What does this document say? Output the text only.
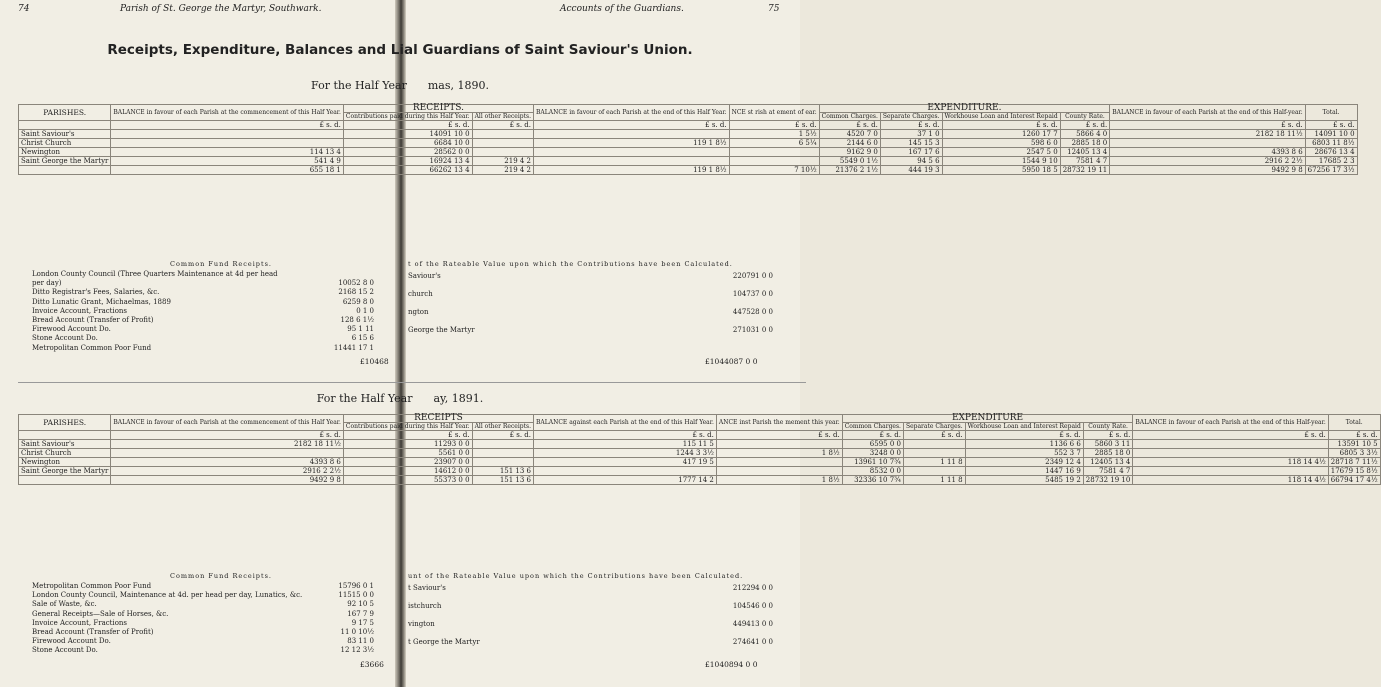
74	Parish of St. George the Martyr, Southwark.	Accounts of the Guardians.	75
Receipts, Expenditure, Balances and Lial Guardians of Saint Saviour's Union.
For the Half Year mas, 1890.
PARISHES.	BALANCE in favour of each Parish at the commencement of this Half Year.	RECEIPTS.		BALANCE in favour of each Parish at the end of this Half Year.	NCE st rish at ement of ear.	EXPENDITURE.				BALANCE in favour of each Parish at the end of this Half-year.	Total.
		Contributions paid during this Half Year.	All other Receipts.			Common Charges.	Separate Charges.	Workhouse Loan and Interest Repaid	County Rate.		
	£ s. d.	£ s. d.	£ s. d.	£ s. d.	£ s. d.	£ s. d.	£ s. d.	£ s. d.	£ s. d.	£ s. d.	£ s. d.
Saint Saviour's		14091 10 0			1 5½	4520 7 0	37 1 0	1260 17 7	5866 4 0	2182 18 11½	14091 10 0
Christ Church		6684 10 0		119 1 8½	6 5¼	2144 6 0	145 15 3	598 6 0	2885 18 0		6803 11 8½
Newington	114 13 4	28562 0 0				9162 9 0	167 17 6	2547 5 0	12405 13 4	4393 8 6	28676 13 4
Saint George the Martyr	541 4 9	16924 13 4	219 4 2			5549 0 1½	94 5 6	1544 9 10	7581 4 7	2916 2 2½	17685 2 3
	655 18 1	66262 13 4	219 4 2	119 1 8½	7 10½	21376 2 1½	444 19 3	5950 18 5	28732 19 11	9492 9 8	67256 17 3½
Common Fund Receipts.
London County Council (Three Quarters Maintenance at 4d per head
per day)	10052 8 0
Ditto Registrar's Fees, Salaries, &c.	2168 15 2
Ditto Lunatic Grant, Michaelmas, 1889	6259 8 0
Invoice Account, Fractions	0 1 0
Bread Account (Transfer of Profit)	128 6 1½
Firewood Account Do.	95 1 11
Stone Account Do.	6 15 6
Metropolitan Common Poor Fund	11441 17 1
£10468
t of the Rateable Value upon which the Contributions have been Calculated.
Saviour's	220791 0 0
church	104737 0 0
ngton	447528 0 0
George the Martyr	271031 0 0
£1044087 0 0
For the Half Year ay, 1891.
PARISHES.	BALANCE in favour of each Parish at the commencement of this Half Year.	RECEIPTS		BALANCE against each Parish at the end of this Half Year.	ANCE inst Parish the mement this year.	EXPENDITURE				BALANCE in favour of each Parish at the end of this Half-year.	Total.
		Contributions paid during this Half Year.	All other Receipts.			Common Charges.	Separate Charges.	Workhouse Loan and Interest Repaid	County Rate.		
	£ s. d.	£ s. d.	£ s. d.	£ s. d.	£ s. d.	£ s. d.	£ s. d.	£ s. d.	£ s. d.	£ s. d.	£ s. d.
Saint Saviour's	2182 18 11½	11293 0 0		115 11 5		6595 0 0		1136 6 6	5860 3 11		13591 10 5
Christ Church		5561 0 0		1244 3 3½	1 8½	3248 0 0		552 3 7	2885 18 0		6805 3 3½
Newington	4393 8 6	23907 0 0		417 19 5		13961 10 7¾	1 11 8	2349 12 4	12405 13 4	118 14 4½	28718 7 11½
Saint George the Martyr	2916 2 2½	14612 0 0	151 13 6			8532 0 0		1447 16 9	7581 4 7		17679 15 8½
	9492 9 8	55373 0 0	151 13 6	1777 14 2	1 8½	32336 10 7¾	1 11 8	5485 19 2	28732 19 10	118 14 4½	66794 17 4½
Common Fund Receipts.
Metropolitan Common Poor Fund	15796 0 1
London County Council, Maintenance at 4d. per head per day, Lunatics, &c.	11515 0 0
Sale of Waste, &c.	92 10 5
General Receipts—Sale of Horses, &c.	167 7 9
Invoice Account, Fractions	9 17 5
Bread Account (Transfer of Profit)	11 0 10½
Firewood Account Do.	83 11 0
Stone Account Do.	12 12 3½
£3666
unt of the Rateable Value upon which the Contributions have been Calculated.
t Saviour's	212294 0 0
istchurch	104546 0 0
vington	449413 0 0
t George the Martyr	274641 0 0
£1040894 0 0
